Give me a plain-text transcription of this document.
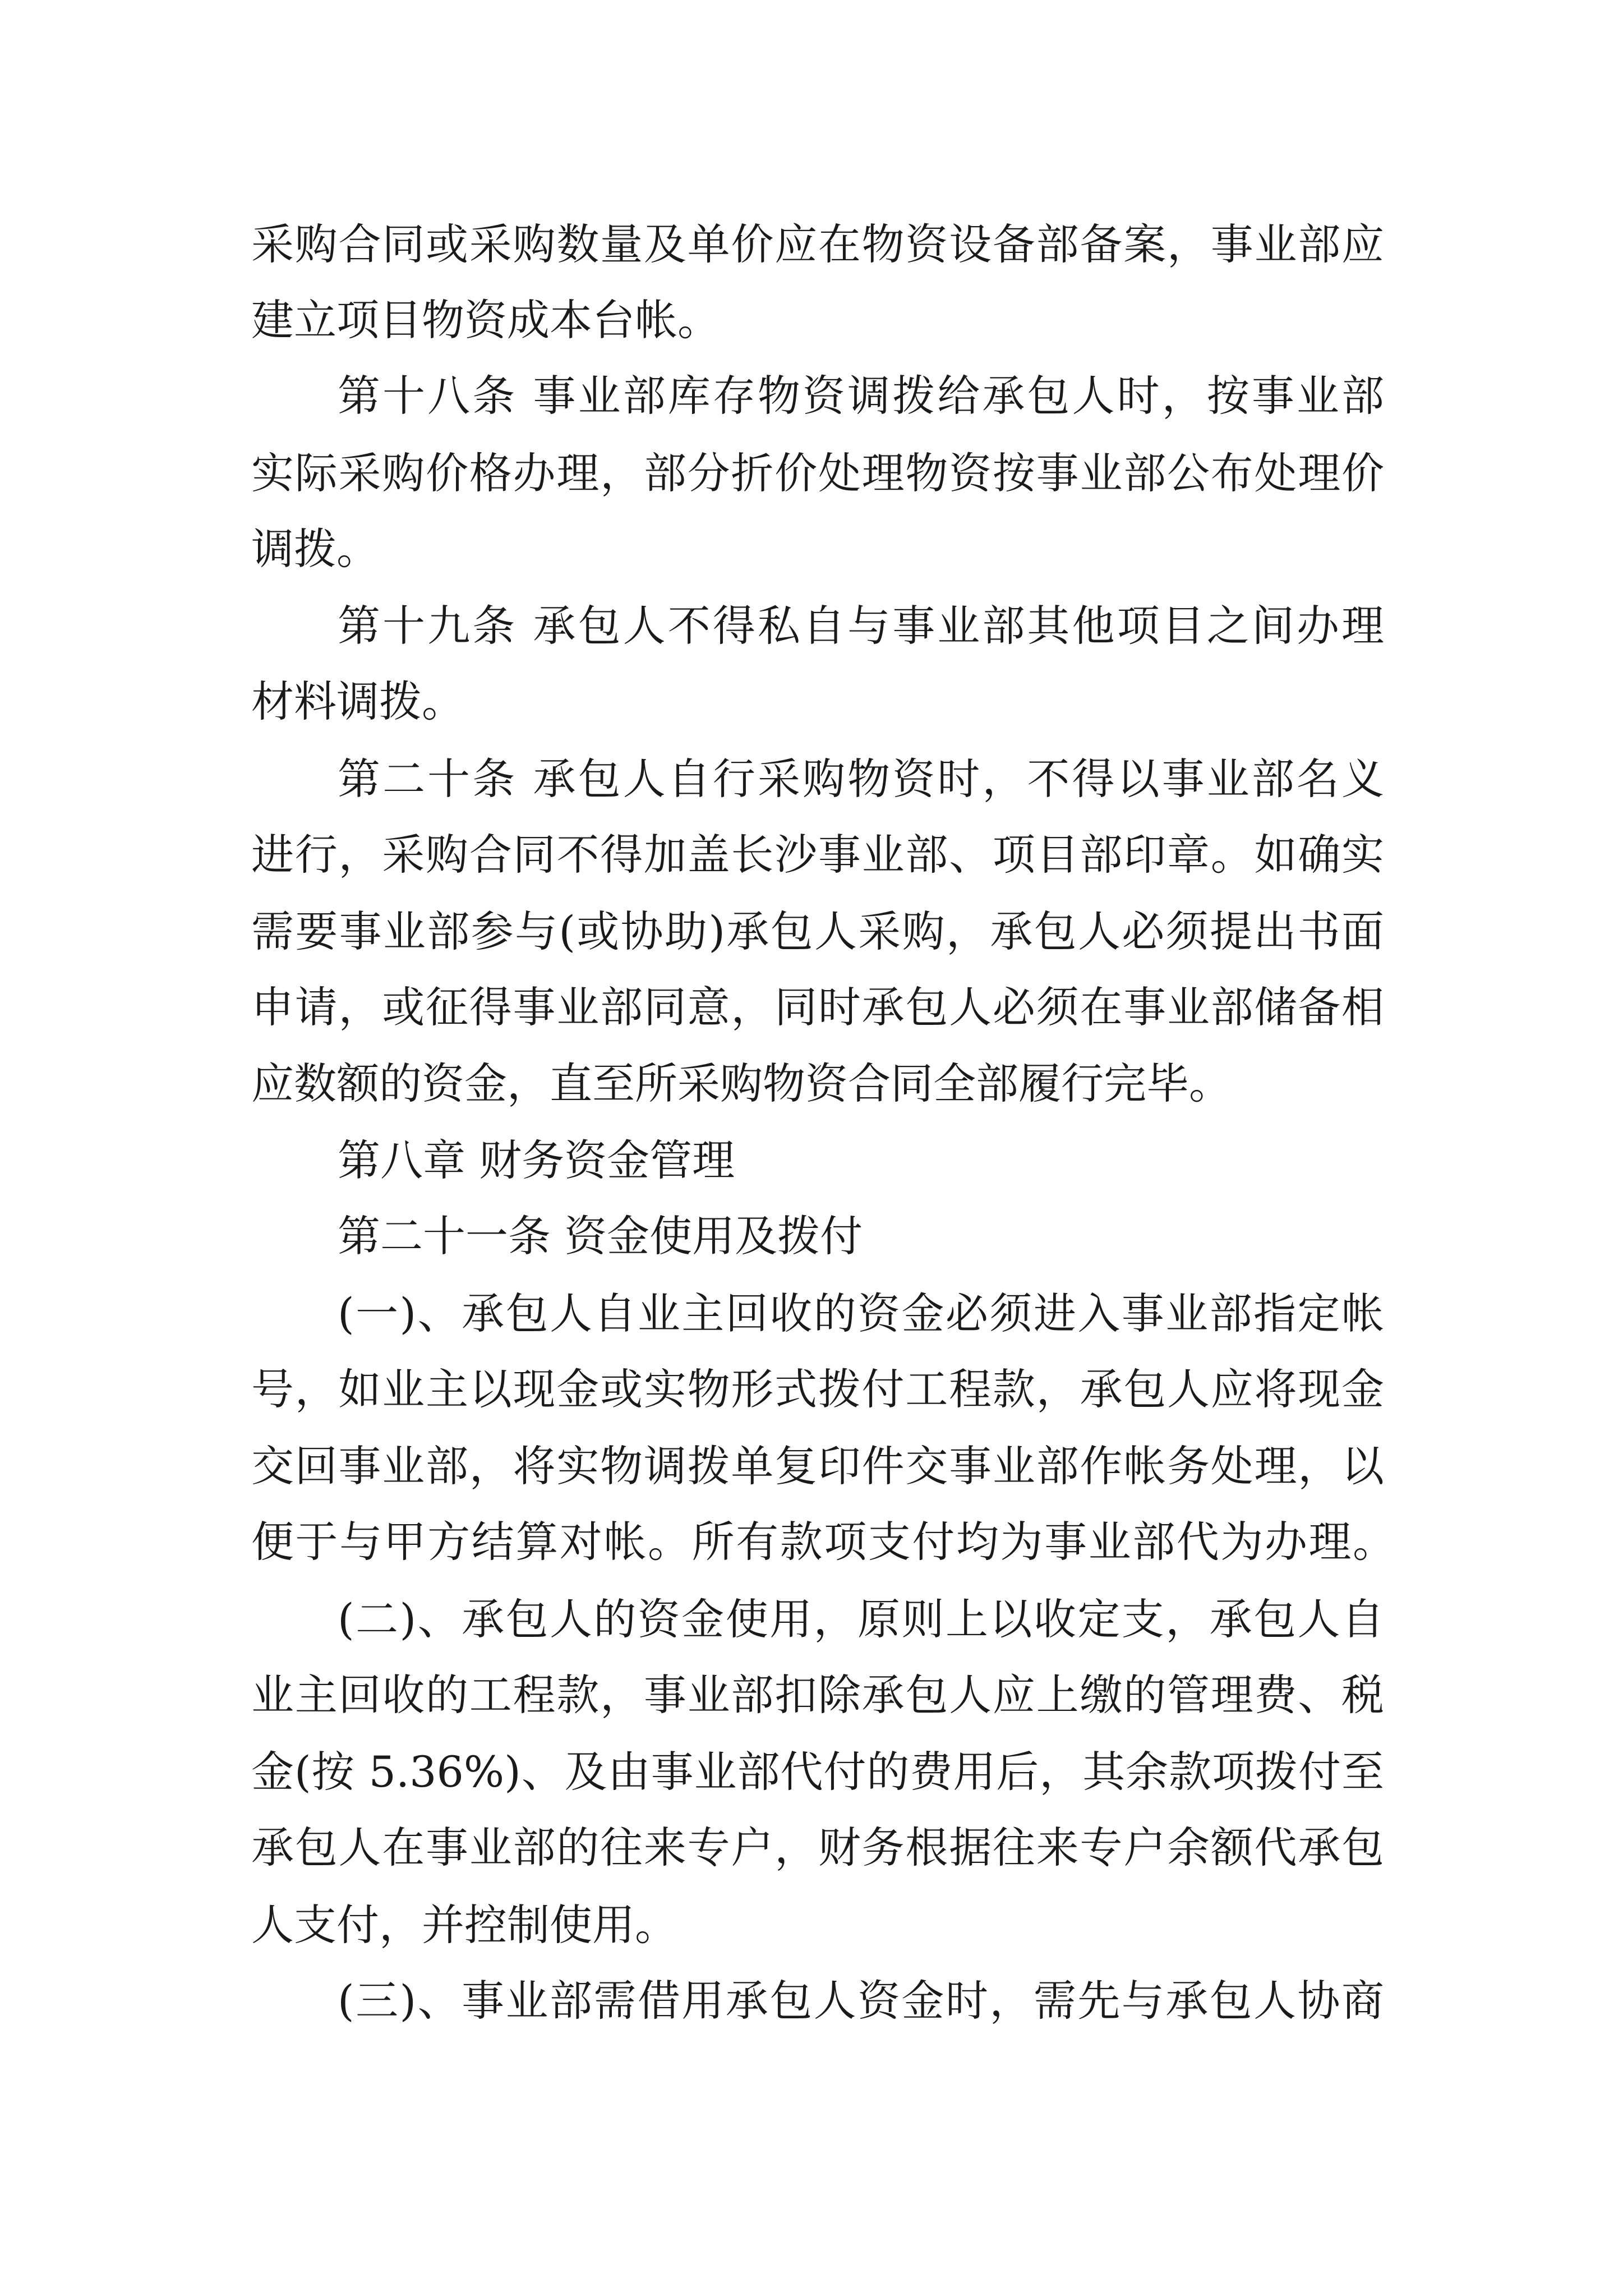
采购合同或采购数量及单价应在物资设备部备案，事业部应
建立项目物资成本台帐。
第十八条 事业部库存物资调拨给承包人时，按事业部
实际采购价格办理，部分折价处理物资按事业部公布处理价
调拨。
第十九条 承包人不得私自与事业部其他项目之间办理
材料调拨。
第二十条 承包人自行采购物资时，不得以事业部名义
进行，采购合同不得加盖长沙事业部、项目部印章。如确实
需要事业部参与(或协助)承包人采购，承包人必须提出书面
申请，或征得事业部同意，同时承包人必须在事业部储备相
应数额的资金，直至所采购物资合同全部履行完毕。
第八章 财务资金管理
第二十一条 资金使用及拨付
(一)、承包人自业主回收的资金必须进入事业部指定帐
号，如业主以现金或实物形式拨付工程款，承包人应将现金
交回事业部，将实物调拨单复印件交事业部作帐务处理，以
便于与甲方结算对帐。所有款项支付均为事业部代为办理。
(二)、承包人的资金使用，原则上以收定支，承包人自
业主回收的工程款，事业部扣除承包人应上缴的管理费、税
金(按 5.36%)、及由事业部代付的费用后，其余款项拨付至
承包人在事业部的往来专户，财务根据往来专户余额代承包
人支付，并控制使用。
(三)、事业部需借用承包人资金时，需先与承包人协商
